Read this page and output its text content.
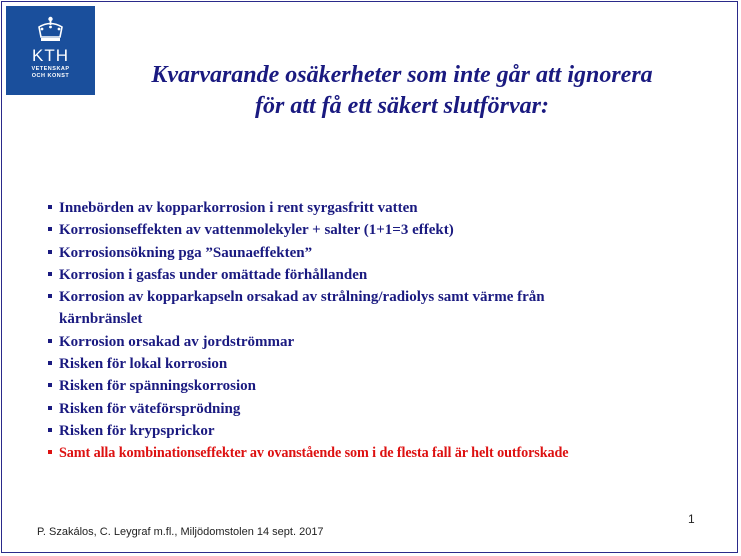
KTH
VETENSKAP
OCH KONST	Kvarvarande osäkerheter som inte går att ignorera
för att få ett säkert slutförvar:
Innebörden av kopparkorrosion i rent syrgasfritt vatten
Korrosionseffekten av vattenmolekyler + salter (1+1=3 effekt)
Korrosionsökning pga ”Saunaeffekten”
Korrosion i gasfas under omättade förhållanden
Korrosion av kopparkapseln orsakad av strålning/radiolys samt värme från
kärnbränslet
Korrosion orsakad av jordströmmar
Risken för lokal korrosion
Risken för spänningskorrosion
Risken för väteförsprödning
Risken för krypsprickor
Samt alla kombinationseffekter av ovanstående som i de flesta fall är helt outforskade
1
P. Szakálos, C. Leygraf m.fl., Miljödomstolen 14 sept. 2017
